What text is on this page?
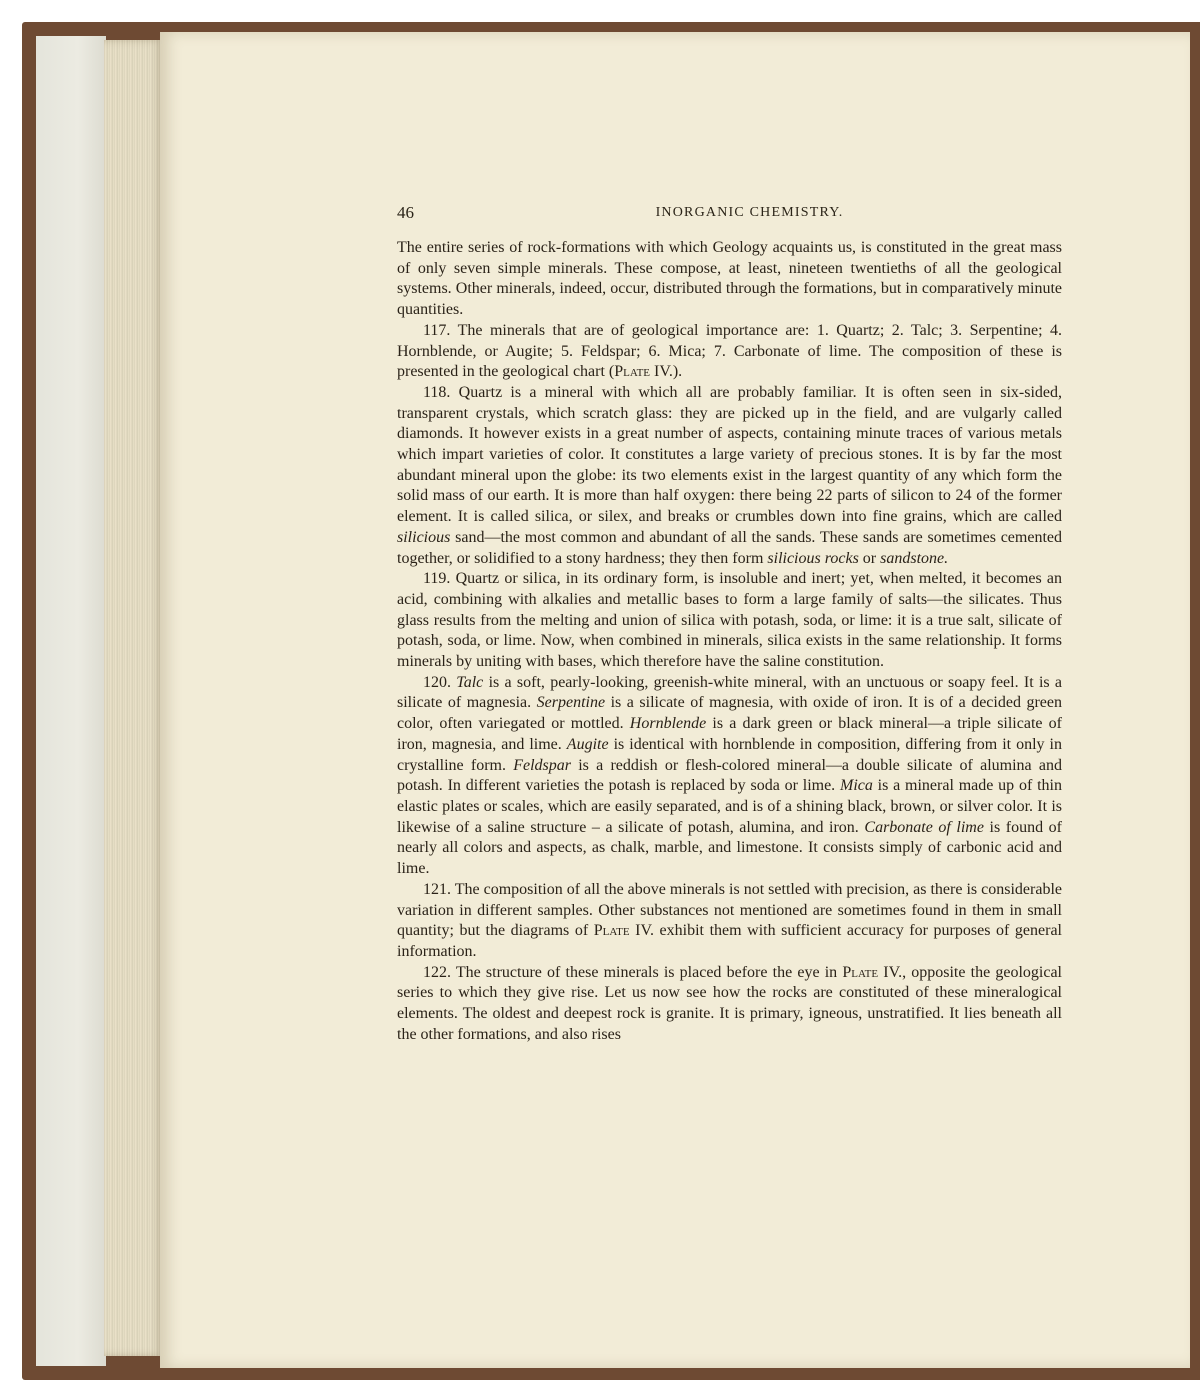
46	INORGANIC CHEMISTRY.

The entire series of rock-formations with which Geology acquaints us, is constituted in the great mass of only seven simple minerals. These compose, at least, nineteen twentieths of all the geological systems. Other minerals, indeed, occur, distributed through the formations, but in comparatively minute quantities.

117. The minerals that are of geological importance are: 1. Quartz; 2. Talc; 3. Serpentine; 4. Hornblende, or Augite; 5. Feldspar; 6. Mica; 7. Carbonate of lime. The composition of these is presented in the geological chart (Plate IV.).

118. Quartz is a mineral with which all are probably familiar. It is often seen in six-sided, transparent crystals, which scratch glass: they are picked up in the field, and are vulgarly called diamonds. It however exists in a great number of aspects, containing minute traces of various metals which impart varieties of color. It constitutes a large variety of precious stones. It is by far the most abundant mineral upon the globe: its two elements exist in the largest quantity of any which form the solid mass of our earth. It is more than half oxygen: there being 22 parts of silicon to 24 of the former element. It is called silica, or silex, and breaks or crumbles down into fine grains, which are called silicious sand—the most common and abundant of all the sands. These sands are sometimes cemented together, or solidified to a stony hardness; they then form silicious rocks or sandstone.

119. Quartz or silica, in its ordinary form, is insoluble and inert; yet, when melted, it becomes an acid, combining with alkalies and metallic bases to form a large family of salts—the silicates. Thus glass results from the melting and union of silica with potash, soda, or lime: it is a true salt, silicate of potash, soda, or lime. Now, when combined in minerals, silica exists in the same relationship. It forms minerals by uniting with bases, which therefore have the saline constitution.

120. Talc is a soft, pearly-looking, greenish-white mineral, with an unctuous or soapy feel. It is a silicate of magnesia. Serpentine is a silicate of magnesia, with oxide of iron. It is of a decided green color, often variegated or mottled. Hornblende is a dark green or black mineral—a triple silicate of iron, magnesia, and lime. Augite is identical with hornblende in composition, differing from it only in crystalline form. Feldspar is a reddish or flesh-colored mineral—a double silicate of alumina and potash. In different varieties the potash is replaced by soda or lime. Mica is a mineral made up of thin elastic plates or scales, which are easily separated, and is of a shining black, brown, or silver color. It is likewise of a saline structure – a silicate of potash, alumina, and iron. Carbonate of lime is found of nearly all colors and aspects, as chalk, marble, and limestone. It consists simply of carbonic acid and lime.

121. The composition of all the above minerals is not settled with precision, as there is considerable variation in different samples. Other substances not mentioned are sometimes found in them in small quantity; but the diagrams of Plate IV. exhibit them with sufficient accuracy for purposes of general information.

122. The structure of these minerals is placed before the eye in Plate IV., opposite the geological series to which they give rise. Let us now see how the rocks are constituted of these mineralogical elements. The oldest and deepest rock is granite. It is primary, igneous, unstratified. It lies beneath all the other formations, and also rises
